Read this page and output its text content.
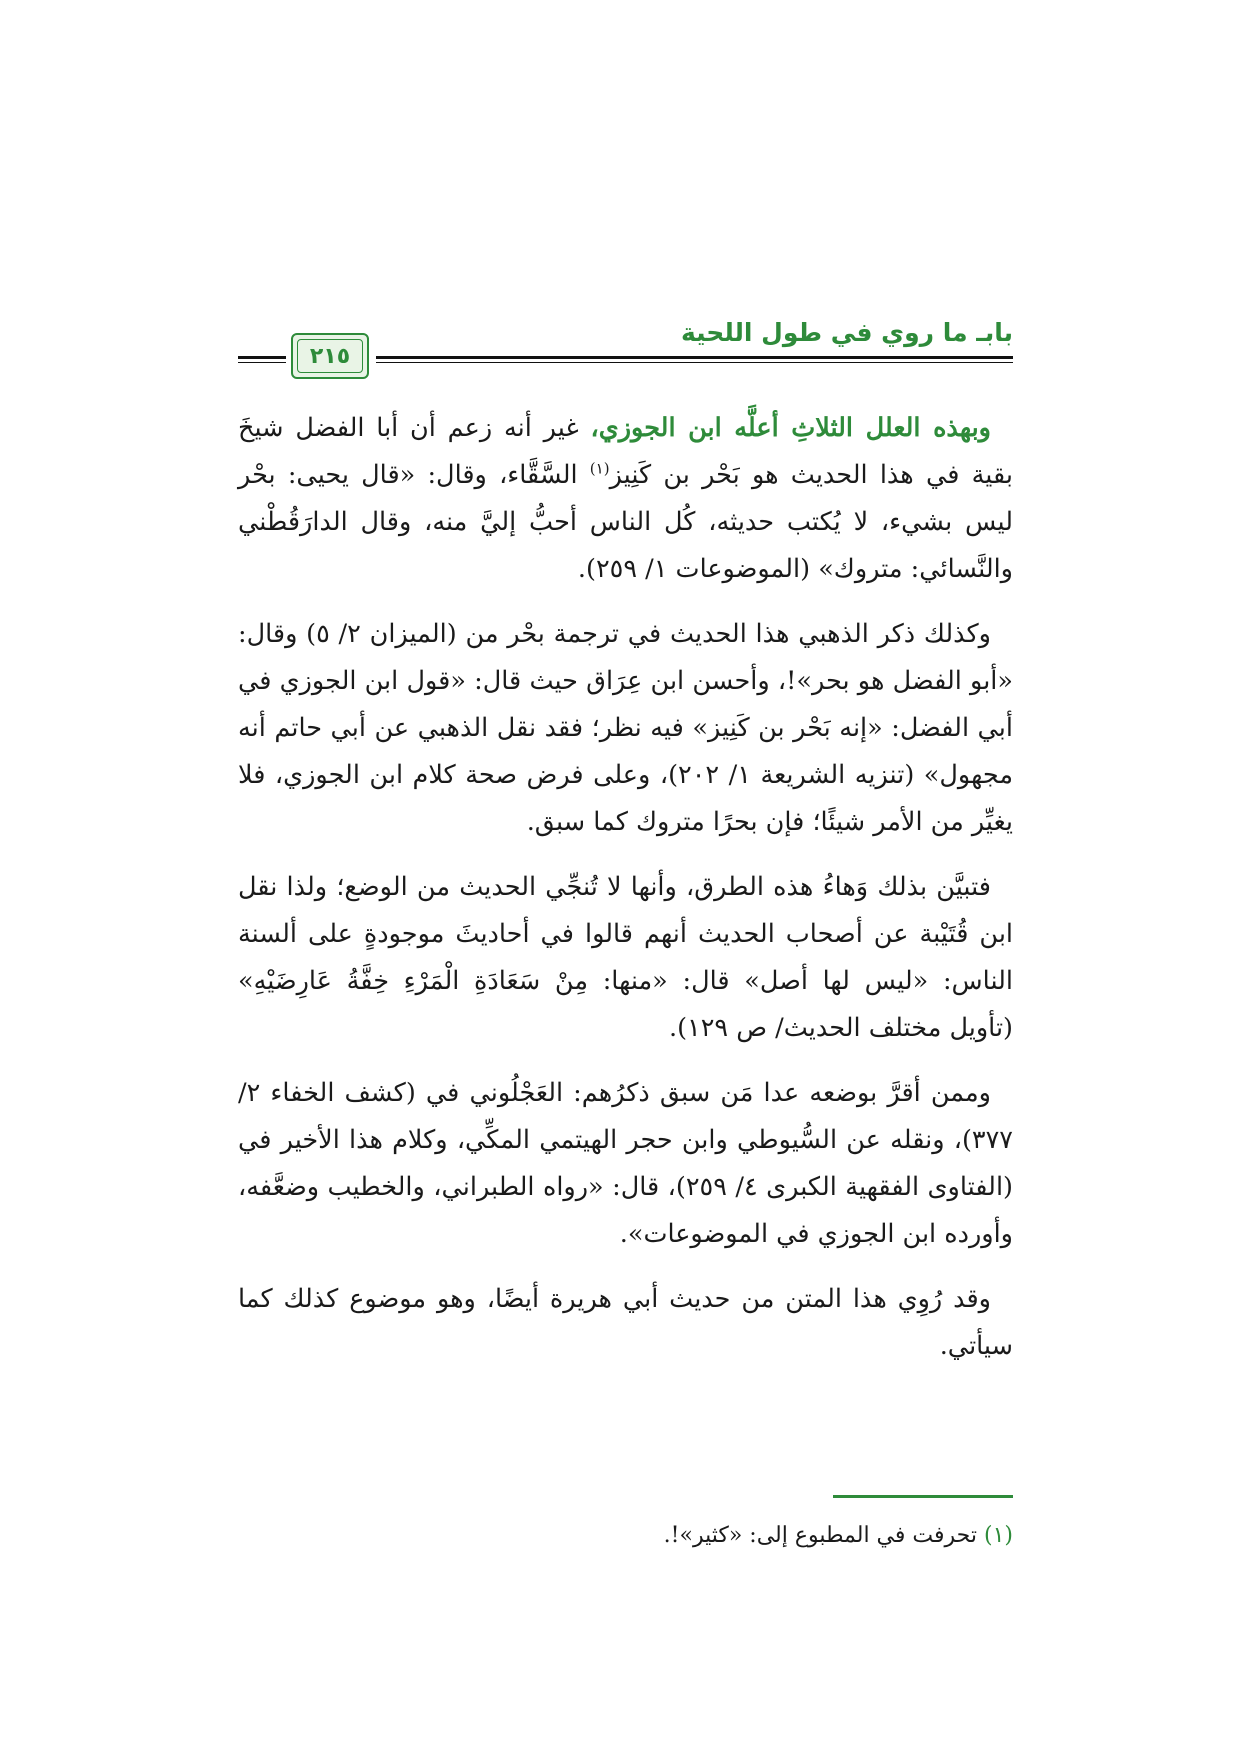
بابـ ما روي في طول اللحية
٢١٥

وبهذه العلل الثلاثِ أعلَّه ابن الجوزي، غير أنه زعم أن أبا الفضل شيخَ بقية في هذا الحديث هو بَحْر بن كَنِيز$^{(١)}$ السَّقَّاء، وقال: «قال يحيى: بحْر ليس بشيء، لا يُكتب حديثه، كُل الناس أحبُّ إليَّ منه، وقال الدارَقُطْني والنَّسائي: متروك» (الموضوعات ١/ ٢٥٩).

وكذلك ذكر الذهبي هذا الحديث في ترجمة بحْر من (الميزان ٢/ ٥) وقال: «أبو الفضل هو بحر»!، وأحسن ابن عِرَاق حيث قال: «قول ابن الجوزي في أبي الفضل: «إنه بَحْر بن كَنِيز» فيه نظر؛ فقد نقل الذهبي عن أبي حاتم أنه مجهول» (تنزيه الشريعة ١/ ٢٠٢)، وعلى فرض صحة كلام ابن الجوزي، فلا يغيِّر من الأمر شيئًا؛ فإن بحرًا متروك كما سبق.

فتبيَّن بذلك وَهاءُ هذه الطرق، وأنها لا تُنجِّي الحديث من الوضع؛ ولذا نقل ابن قُتَيْبة عن أصحاب الحديث أنهم قالوا في أحاديثَ موجودةٍ على ألسنة الناس: «ليس لها أصل» قال: «منها: مِنْ سَعَادَةِ الْمَرْءِ خِفَّةُ عَارِضَيْهِ» (تأويل مختلف الحديث/ ص ١٢٩).

وممن أقرَّ بوضعه عدا مَن سبق ذكرُهم: العَجْلُوني في (كشف الخفاء ٢/ ٣٧٧)، ونقله عن السُّيوطي وابن حجر الهيتمي المكِّي، وكلام هذا الأخير في (الفتاوى الفقهية الكبرى ٤/ ٢٥٩)، قال: «رواه الطبراني، والخطيب وضعَّفه، وأورده ابن الجوزي في الموضوعات».

وقد رُوِي هذا المتن من حديث أبي هريرة أيضًا، وهو موضوع كذلك كما سيأتي.

(١) تحرفت في المطبوع إلى: «كثير»!.
